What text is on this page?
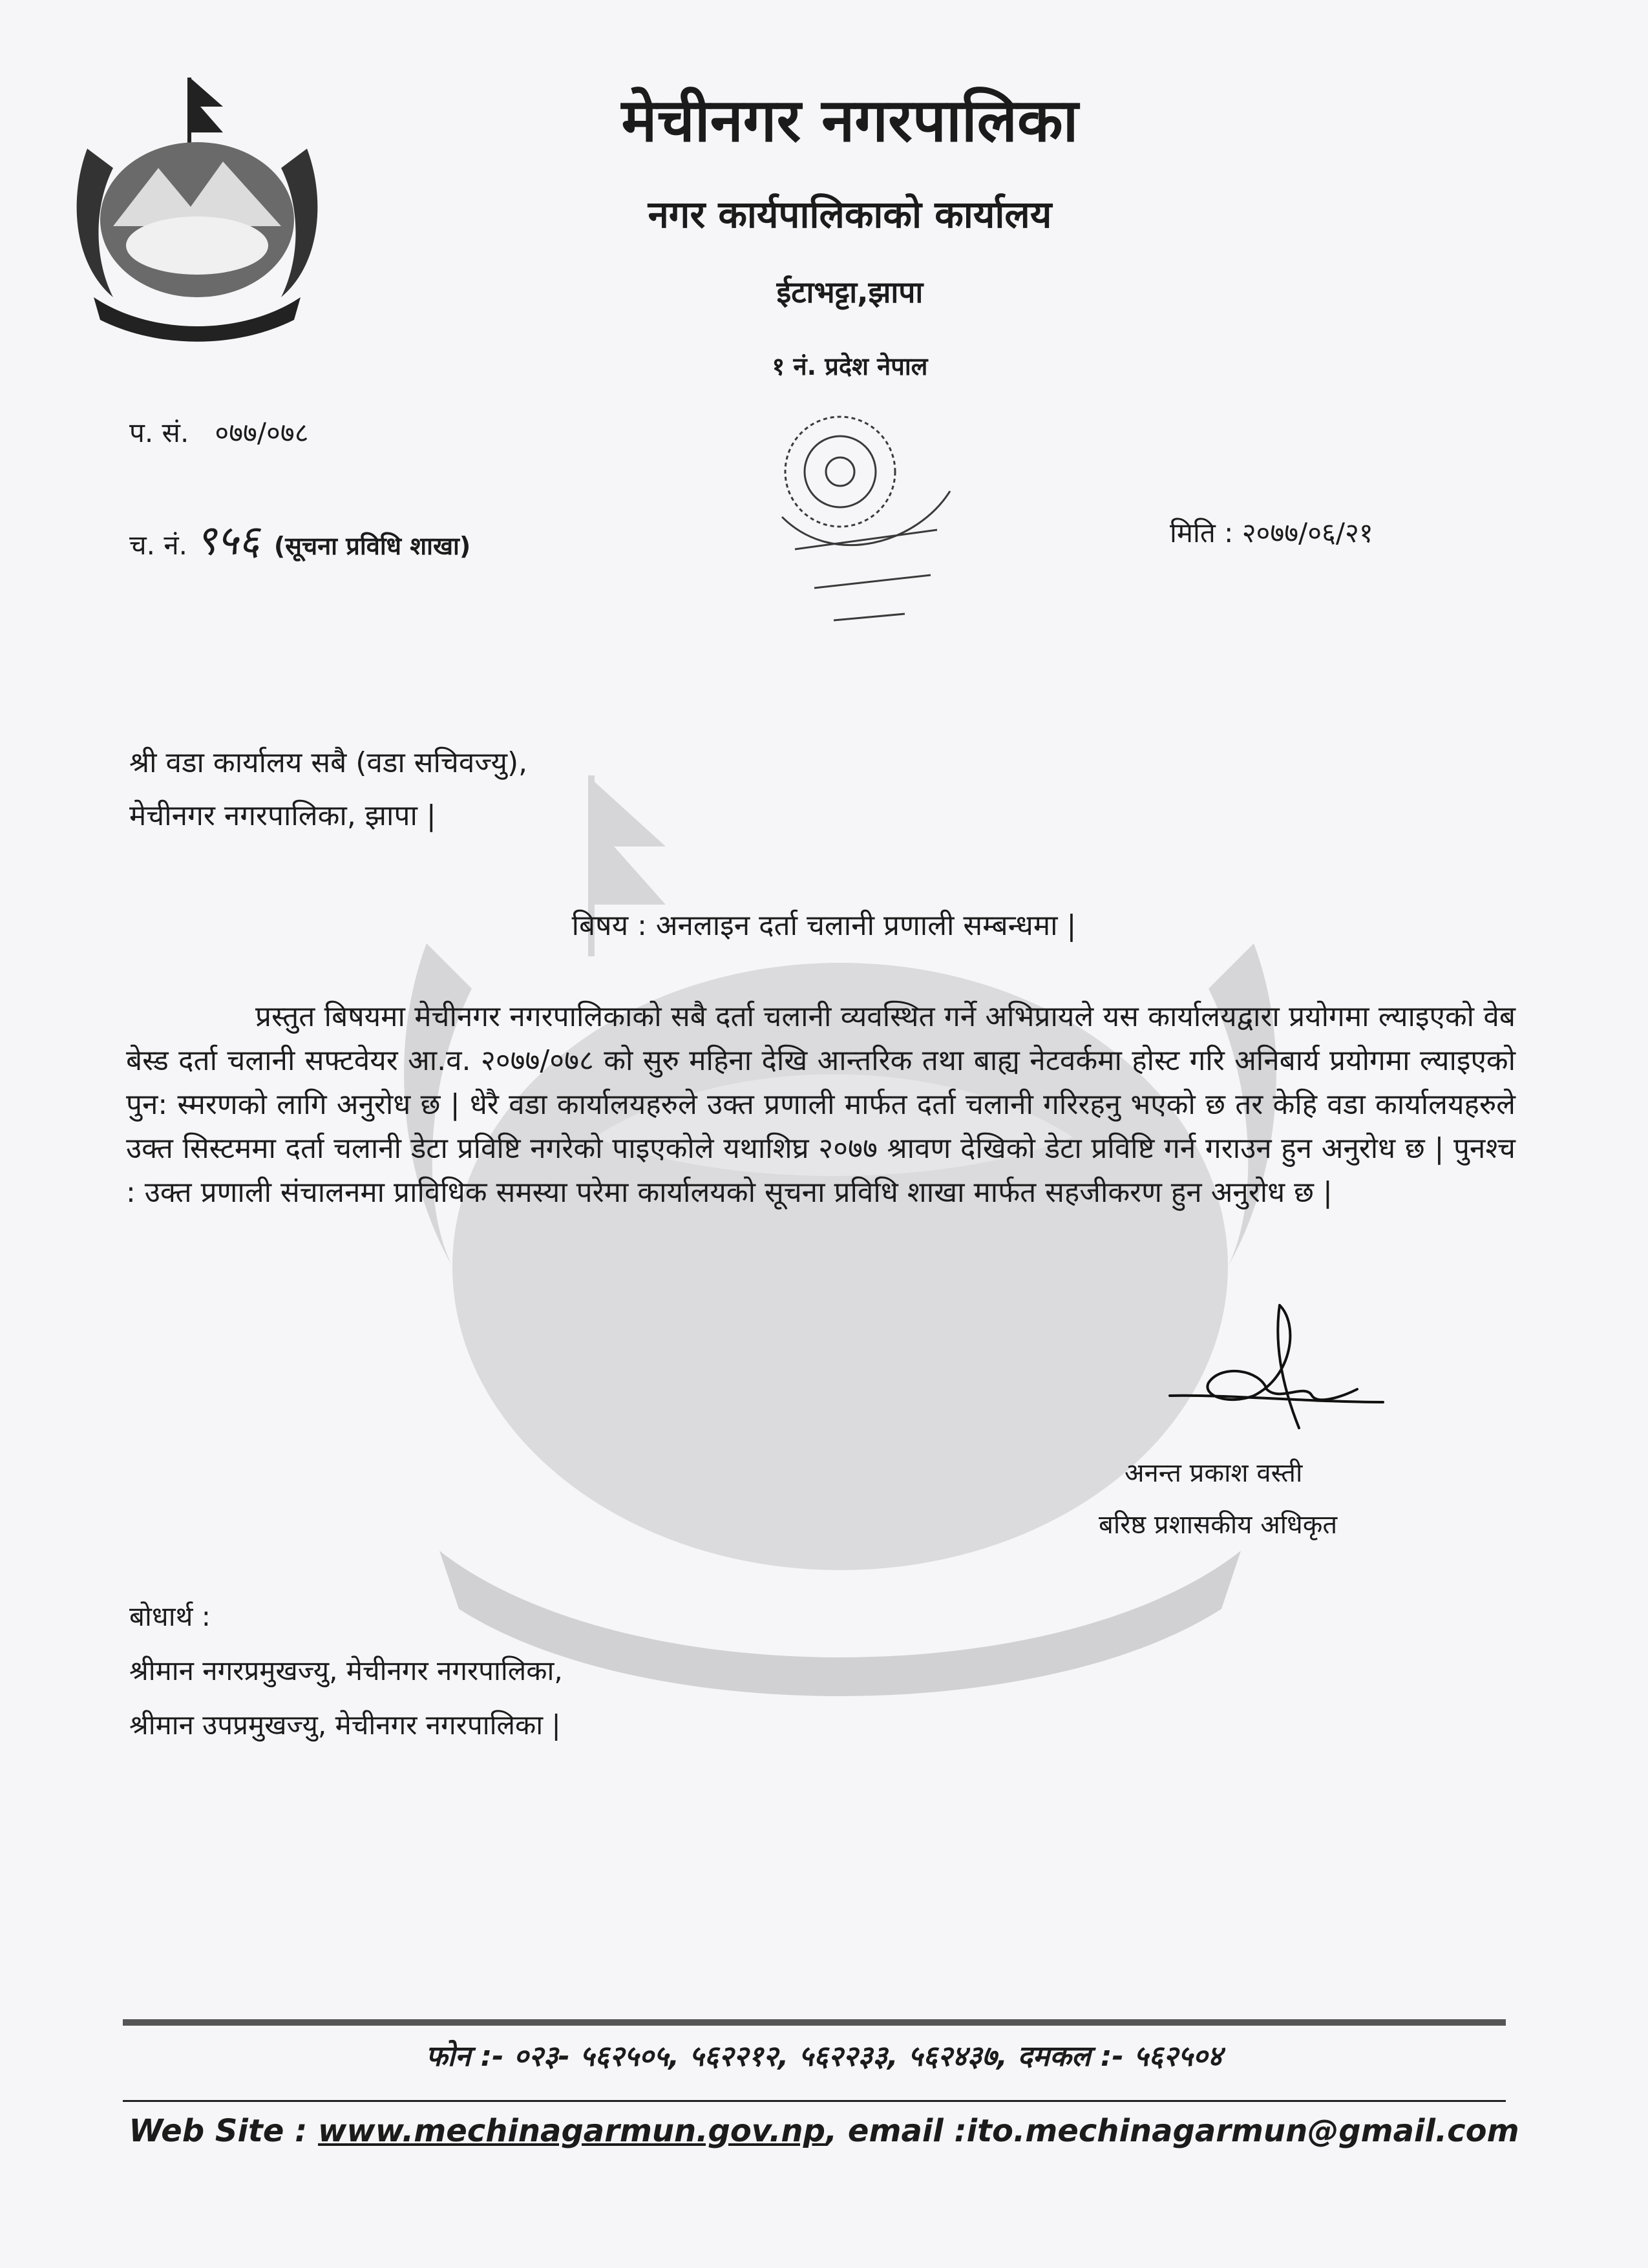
मेचीनगर नगरपालिका
नगर कार्यपालिकाको कार्यालय
ईटाभट्टा,झापा
१ नं. प्रदेश नेपाल
प. सं. ०७७/०७८
च. नं. ९५६ (सूचना प्रविधि शाखा)	मिति : २०७७/०६/२१
श्री वडा कार्यालय सबै (वडा सचिवज्यु),
मेचीनगर नगरपालिका, झापा |
बिषय : अनलाइन दर्ता चलानी प्रणाली सम्बन्धमा |
प्रस्तुत बिषयमा मेचीनगर नगरपालिकाको सबै दर्ता चलानी व्यवस्थित गर्ने अभिप्रायले यस कार्यालयद्वारा प्रयोगमा ल्याइएको वेब बेस्ड दर्ता चलानी सफ्टवेयर आ.व. २०७७/०७८ को सुरु महिना देखि आन्तरिक तथा बाह्य नेटवर्कमा होस्ट गरि अनिबार्य प्रयोगमा ल्याइएको पुन: स्मरणको लागि अनुरोध छ | धेरै वडा कार्यालयहरुले उक्त प्रणाली मार्फत दर्ता चलानी गरिरहनु भएको छ तर केहि वडा कार्यालयहरुले उक्त सिस्टममा दर्ता चलानी डेटा प्रविष्टि नगरेको पाइएकोले यथाशिघ्र २०७७ श्रावण देखिको डेटा प्रविष्टि गर्न गराउन हुन अनुरोध छ | पुनश्च : उक्त प्रणाली संचालनमा प्राविधिक समस्या परेमा कार्यालयको सूचना प्रविधि शाखा मार्फत सहजीकरण हुन अनुरोध छ |
अनन्त प्रकाश वस्ती
बरिष्ठ प्रशासकीय अधिकृत
बोधार्थ :
श्रीमान नगरप्रमुखज्यु, मेचीनगर नगरपालिका,
श्रीमान उपप्रमुखज्यु, मेचीनगर नगरपालिका |
फोन :- ०२३- ५६२५०५, ५६२२१२, ५६२२३३, ५६२४३७, दमकल :- ५६२५०४
Web Site : www.mechinagarmun.gov.np, email :ito.mechinagarmun@gmail.com
